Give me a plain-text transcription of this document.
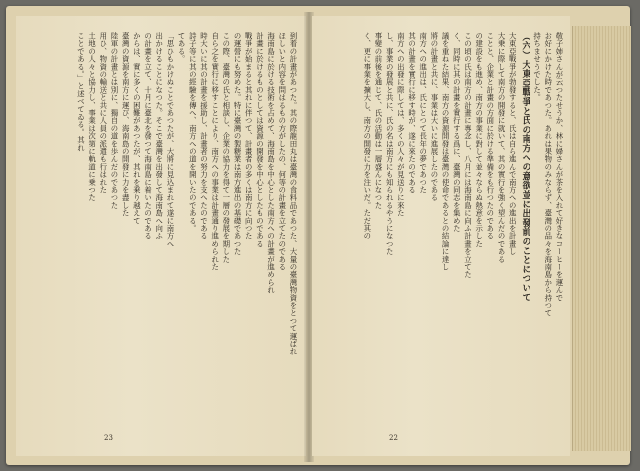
到着の計畫があつた。其の際龍田丸は臺灣の食料品であつた、大量の臺灣物資をとつて運ばれ
ほしいと内容を問はるもの方がしたの、何等の計畫を立てたのである
海南島に於ける技術を占めて、海南島を中心とした南方への計畫が進められ
計畫に於けるものとしては資源の開發を中心としたものである
戰爭が始まると其れに伴つて、計畫者の多くは南方に向つた
の運營にも努めた。特に臺灣の製糖業は南方進出の基礎であつた
この際、臺灣の氏と相談し、企業の協力を得て一層の發展を期した
自ら之を實行に移すことにより、南方への事業は計畫通り進められた
時大いに其の計畫を援助し、計畫者の努力を支へたのである
詩子等に其の經驗を傳へ、南方への道を開いたのである。
てある。
「思ひもかけぬことであつたが、大將に見込まれて遂に南方へ
出かけることになつた。そこで臺灣を出發して海南島へ向ふ
の計畫を立て、十月に臺北を發つて海南島に着いたのである
からは、實に多くの困難があつたが、其れを乗り越えて
臺灣の資源を南方に運び、海南島の開發に力を盡した
陸軍の計畫とは別に、獨自の道を歩んだのであつた
用ひ、物資の輸送と共に人員の派遣も行はれた
土地の人々と協力し、事業は次第に軌道に乗つた
ことである。」と述べてゐる。其れ
23
敬子姉さんが云つたせうか、林に婦さんが茶を入れて好きなコーヒーを運んで
お好にかけた時であつた。あれは果物のみならず、臺灣の品々を海南島から持つて
持ちませうでした。
（六）大東亞戰爭と氏の南方への意欲並に出發前のことについて
大東亞戰爭が勃發すると、氏は自ら進んで南方への進出を計畫し
大乗に際して南方の開發に就いて、其の實行を強く望んだのである
ことと、企業と計畫の方面に於ける準備をも行つたのである
の建設をも進め、南方の事業に對して並々ならぬ熱意を示した
この頃の氏は南方の計畫に專念し、八月には海南島に向ふ計畫を立てた
く、同時に其の計畫を實行する爲に、臺灣の同志を集めた
議を重ねた結果、南方の資源開發は臺灣の使命であるとの結論に達し
將の計畫と共に、事業は大いに進展したのである
南方への進出は、氏にとつて長年の夢であつた
其の計畫を實行に移す時が、遂に來たのである
南方への出發に際しては、多くの人々が見送りに來た
し、事業の發展と共に、氏の名は南方にも知られるやうになつた
事變の前後を通じて、氏の活動は一層盛んになつた
く、更に事業を擴大し、南方の開發に力を注いだ。ただ其の
22
